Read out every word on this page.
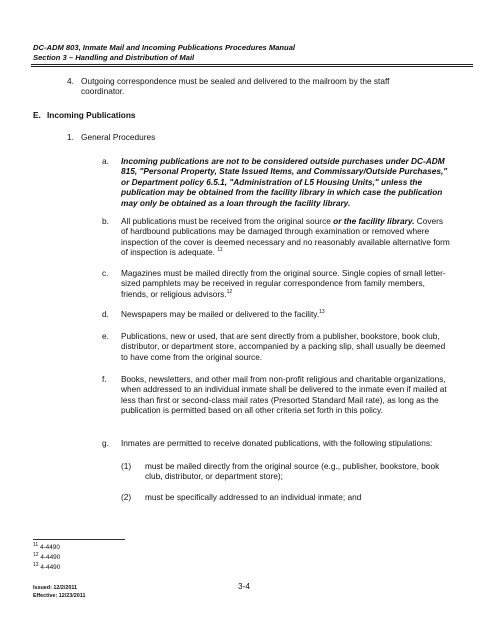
DC-ADM 803, Inmate Mail and Incoming Publications Procedures Manual
Section 3 – Handling and Distribution of Mail
4. Outgoing correspondence must be sealed and delivered to the mailroom by the staff coordinator.
E. Incoming Publications
1. General Procedures
a. Incoming publications are not to be considered outside purchases under DC-ADM 815, "Personal Property, State Issued Items, and Commissary/Outside Purchases," or Department policy 6.5.1, "Administration of L5 Housing Units," unless the publication may be obtained from the facility library in which case the publication may only be obtained as a loan through the facility library.
b. All publications must be received from the original source or the facility library. Covers of hardbound publications may be damaged through examination or removed where inspection of the cover is deemed necessary and no reasonably available alternative form of inspection is adequate. $^{11}$
c. Magazines must be mailed directly from the original source. Single copies of small letter-sized pamphlets may be received in regular correspondence from family members, friends, or religious advisors.$^{12}$
d. Newspapers may be mailed or delivered to the facility.$^{13}$
e. Publications, new or used, that are sent directly from a publisher, bookstore, book club, distributor, or department store, accompanied by a packing slip, shall usually be deemed to have come from the original source.
f. Books, newsletters, and other mail from non-profit religious and charitable organizations, when addressed to an individual inmate shall be delivered to the inmate even if mailed at less than first or second-class mail rates (Presorted Standard Mail rate), as long as the publication is permitted based on all other criteria set forth in this policy.
g. Inmates are permitted to receive donated publications, with the following stipulations:
(1) must be mailed directly from the original source (e.g., publisher, bookstore, book club, distributor, or department store);
(2) must be specifically addressed to an individual inmate; and
$^{11}$ 4-4490
$^{12}$ 4-4490
$^{13}$ 4-4490
3-4
Issued: 12/2/2011
Effective: 12/23/2011
